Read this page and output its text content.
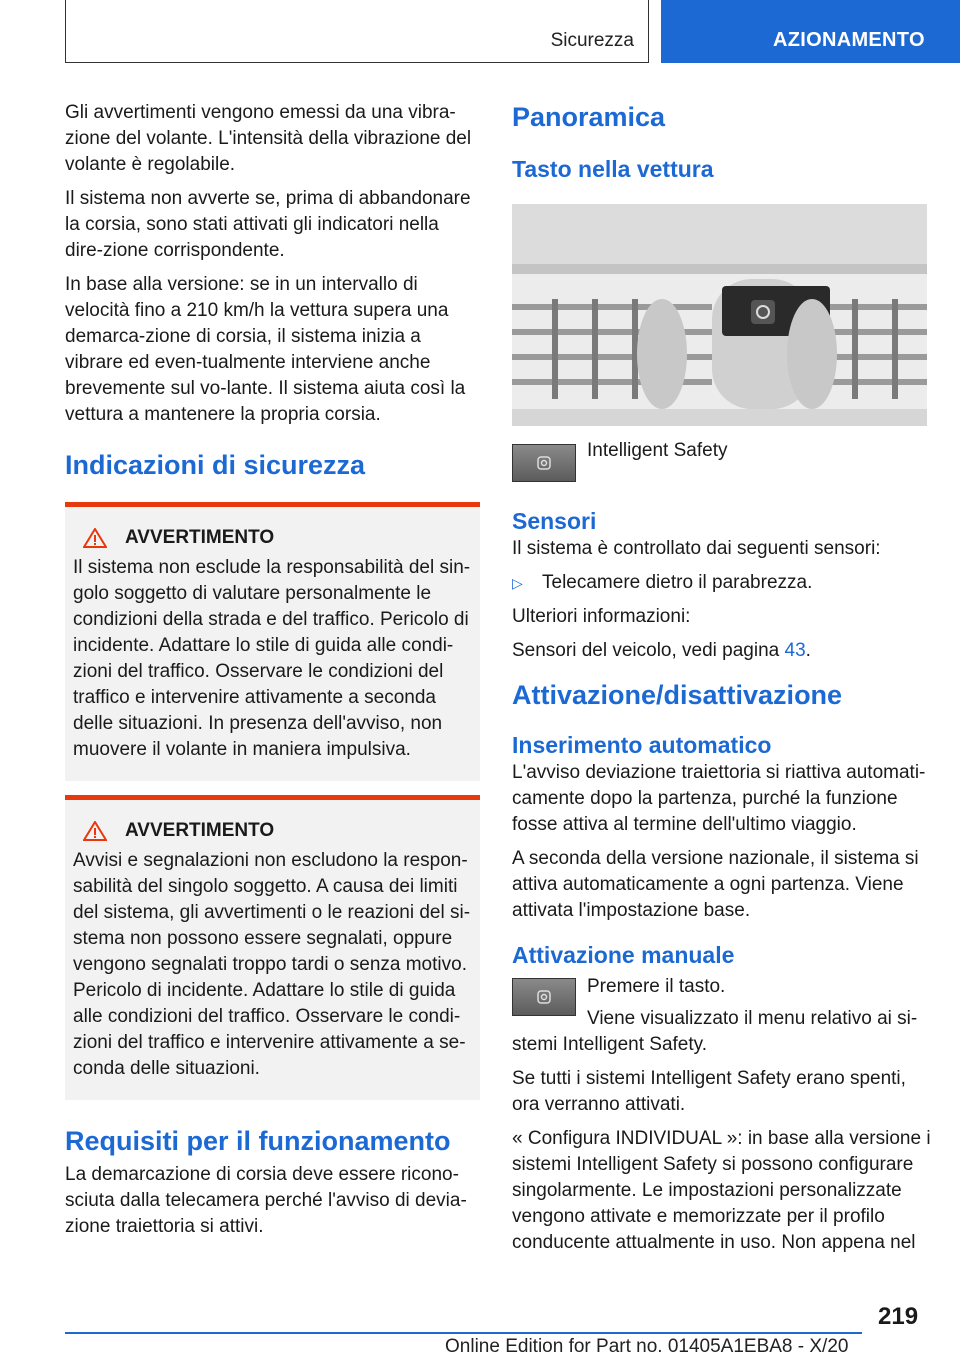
Sicurezza	AZIONAMENTO

Gli avvertimenti vengono emessi da una vibra-zione del volante. L'intensità della vibrazione del volante è regolabile.

Il sistema non avverte se, prima di abbandonare la corsia, sono stati attivati gli indicatori nella dire-zione corrispondente.

In base alla versione: se in un intervallo di velocità fino a 210 km/h la vettura supera una demarca-zione di corsia, il sistema inizia a vibrare ed even-tualmente interviene anche brevemente sul vo-lante. Il sistema aiuta così la vettura a mantenere la propria corsia.

Indicazioni di sicurezza
AVVERTIMENTO

Il sistema non esclude la responsabilità del sin-golo soggetto di valutare personalmente le condizioni della strada e del traffico. Pericolo di incidente. Adattare lo stile di guida alle condi-zioni del traffico. Osservare le condizioni del traffico e intervenire attivamente a seconda delle situazioni. In presenza dell'avviso, non muovere il volante in maniera impulsiva.

AVVERTIMENTO

Avvisi e segnalazioni non escludono la respon-sabilità del singolo soggetto. A causa dei limiti del sistema, gli avvertimenti o le reazioni del si-stema non possono essere segnalati, oppure vengono segnalati troppo tardi o senza motivo. Pericolo di incidente. Adattare lo stile di guida alle condizioni del traffico. Osservare le condi-zioni del traffico e intervenire attivamente a se-conda delle situazioni.

Requisiti per il funzionamento

La demarcazione di corsia deve essere ricono-sciuta dalla telecamera perché l'avviso di devia-zione traiettoria si attivi.

Panoramica
Tasto nella vettura

Intelligent Safety

Sensori

Il sistema è controllato dai seguenti sensori:

▷	Telecamere dietro il parabrezza.

Ulteriori informazioni:

Sensori del veicolo, vedi pagina 43.

Attivazione/disattivazione
Inserimento automatico

L'avviso deviazione traiettoria si riattiva automati-camente dopo la partenza, purché la funzione fosse attiva al termine dell'ultimo viaggio.

A seconda della versione nazionale, il sistema si attiva automaticamente a ogni partenza. Viene attivata l'impostazione base.

Attivazione manuale

Premere il tasto.

Viene visualizzato il menu relativo ai si-

stemi Intelligent Safety.

Se tutti i sistemi Intelligent Safety erano spenti, ora verranno attivati.

« Configura INDIVIDUAL »: in base alla versione i sistemi Intelligent Safety si possono configurare singolarmente. Le impostazioni personalizzate vengono attivate e memorizzate per il profilo conducente attualmente in uso. Non appena nel

219
Online Edition for Part no. 01405A1EBA8 - X/20
